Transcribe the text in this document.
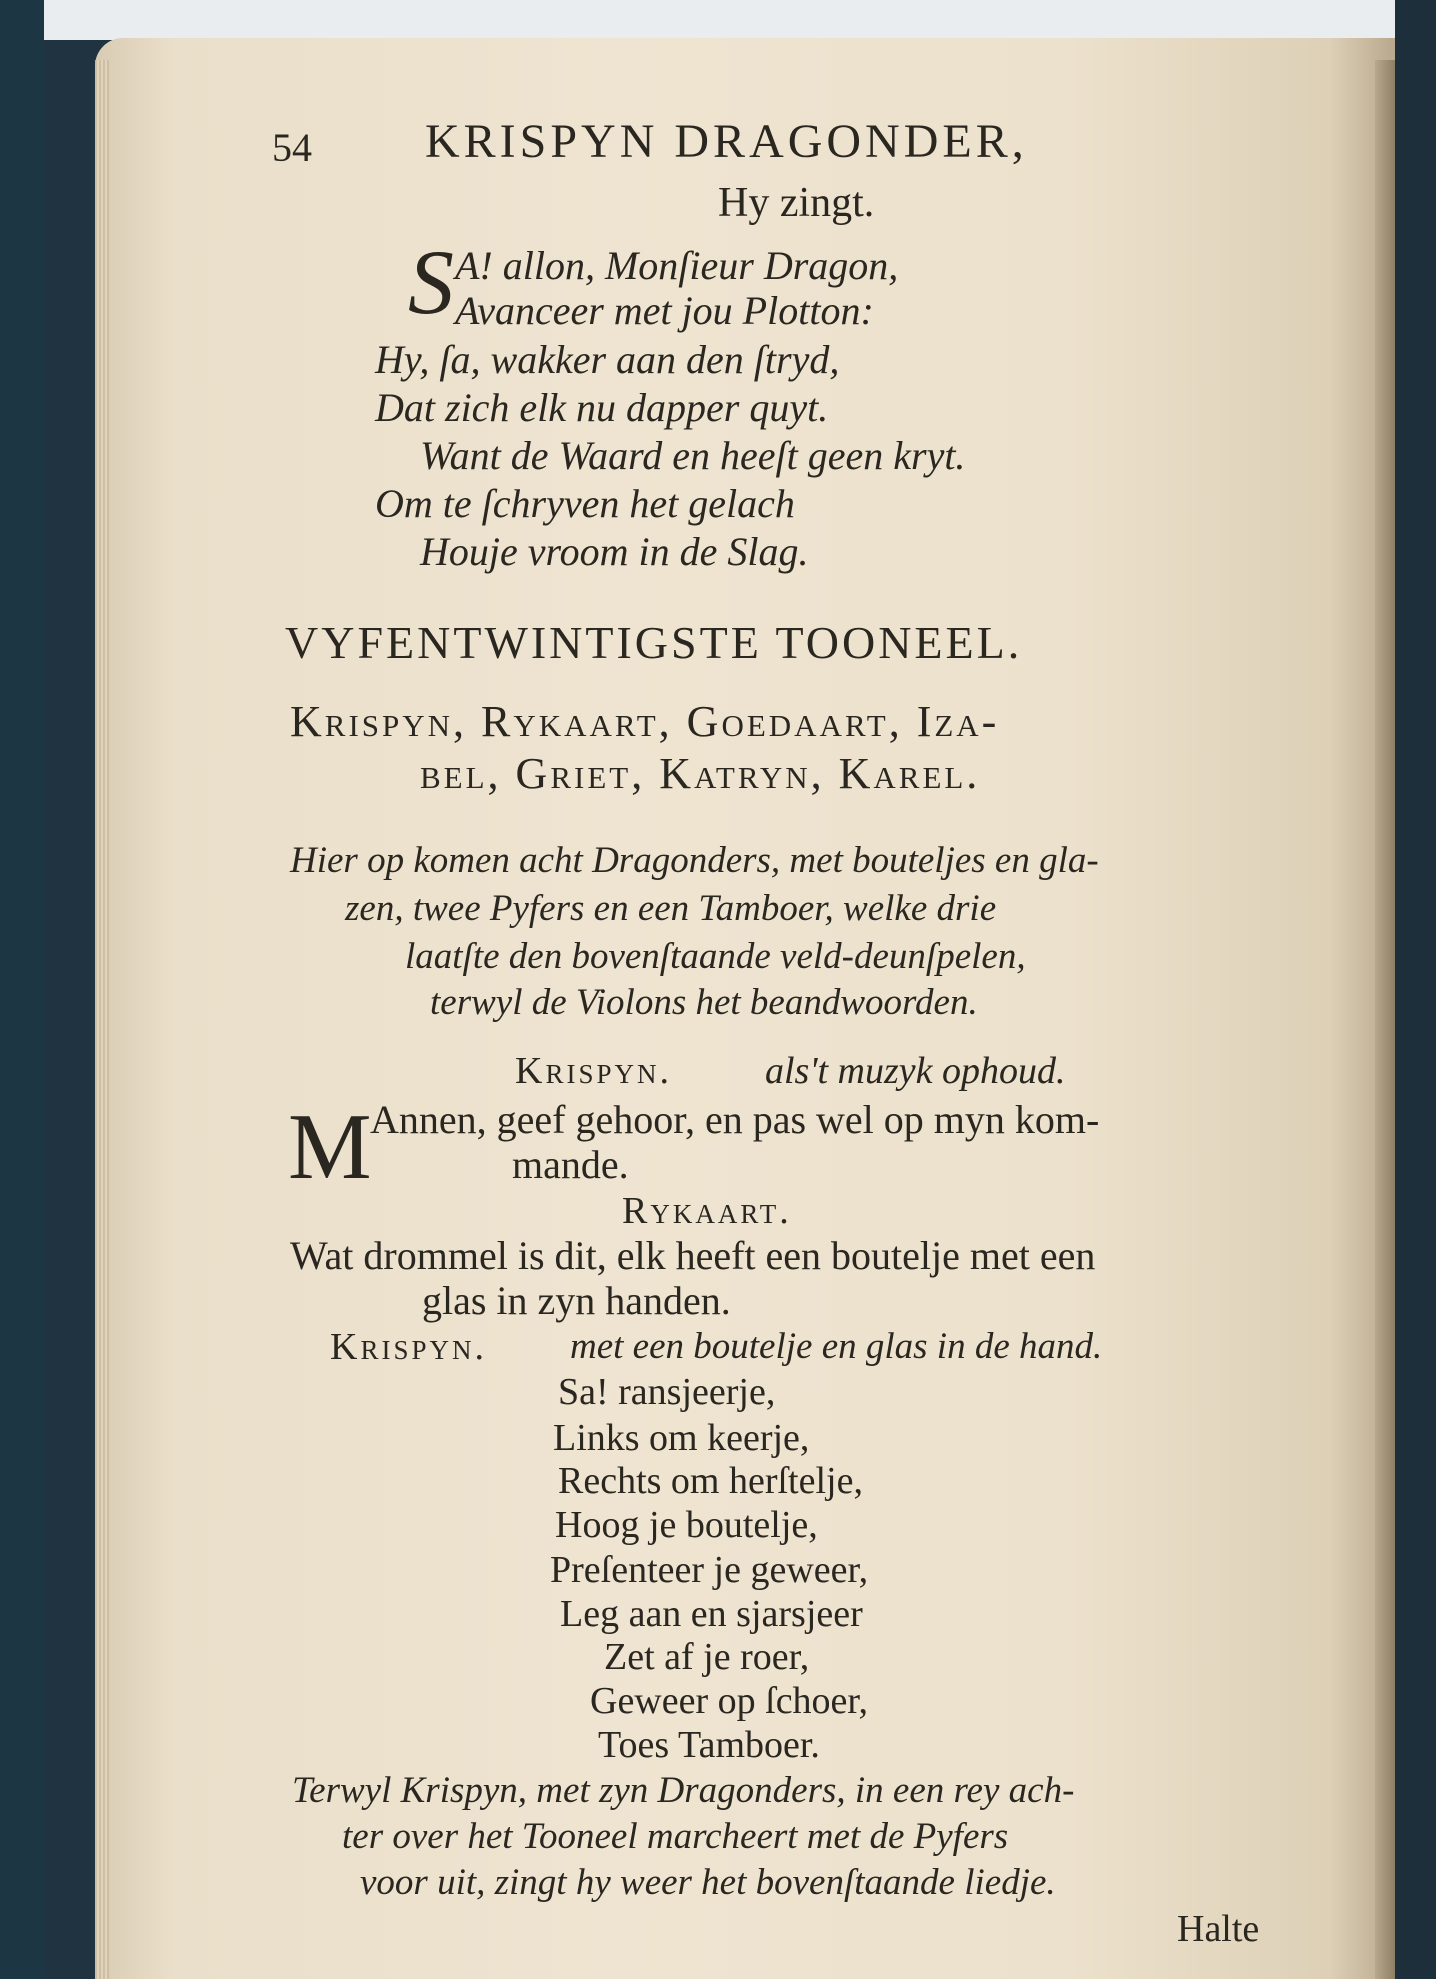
54 KRISPYN DRAGONDER,
Hy zingt.
S A! allon, Monſieur Dragon,
Avanceer met jou Plotton:
Hy, ſa, wakker aan den ſtryd,
Dat zich elk nu dapper quyt.
Want de Waard en heeſt geen kryt.
Om te ſchryven het gelach
Houje vroom in de Slag.
VYFENTWINTIGSTE TOONEEL.
Krispyn, Rykaart, Goedaart, Iza-
bel, Griet, Katryn, Karel.
Hier op komen acht Dragonders, met bouteljes en gla-
zen, twee Pyfers en een Tamboer, welke drie
laatſte den bovenſtaande veld-deunſpelen,
terwyl de Violons het beandwoorden.
Krispyn. als't muzyk ophoud.
M
Annen, geef gehoor, en pas wel op myn kom-
mande.
Rykaart.
Wat drommel is dit, elk heeft een boutelje met een
glas in zyn handen.
Krispyn. met een boutelje en glas in de hand.
Sa! ransjeerje,
Links om keerje,
Rechts om herſtelje,
Hoog je boutelje,
Preſenteer je geweer,
Leg aan en sjarsjeer
Zet af je roer,
Geweer op ſchoer,
Toes Tamboer.
Terwyl Krispyn, met zyn Dragonders, in een rey ach-
ter over het Tooneel marcheert met de Pyfers
voor uit, zingt hy weer het bovenſtaande liedje.
Halte
